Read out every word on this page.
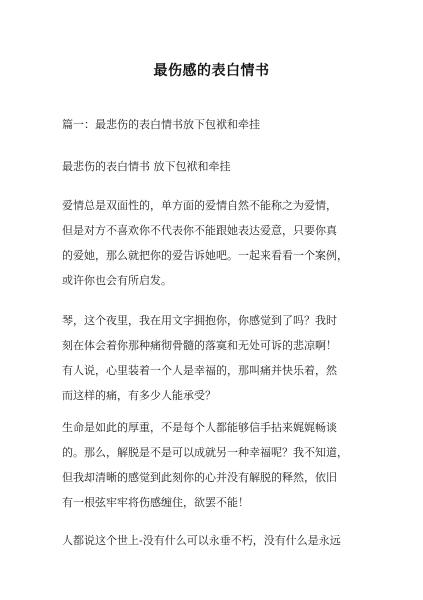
最伤感的表白情书
篇一：最悲伤的表白情书放下包袱和牵挂
最悲伤的表白情书 放下包袱和牵挂

爱情总是双面性的，单方面的爱情自然不能称之为爱情，

但是对方不喜欢你不代表你不能跟她表达爱意，只要你真

的爱她，那么就把你的爱告诉她吧。一起来看看一个案例，

或许你也会有所启发。

琴，这个夜里，我在用文字拥抱你，你感觉到了吗？我时

刻在体会着你那种痛彻骨髓的落寞和无处可诉的悲凉啊！

有人说，心里装着一个人是幸福的，那叫痛并快乐着，然

而这样的痛，有多少人能承受？

生命是如此的厚重，不是每个人都能够信手拈来娓娓畅谈

的。那么，解脱是不是可以成就另一种幸福呢？我不知道，

但我却清晰的感觉到此刻你的心并没有解脱的释然，依旧

有一根弦牢牢将伤感缠住，欲罢不能！

人都说这个世上-没有什么可以永垂不朽，没有什么是永远
